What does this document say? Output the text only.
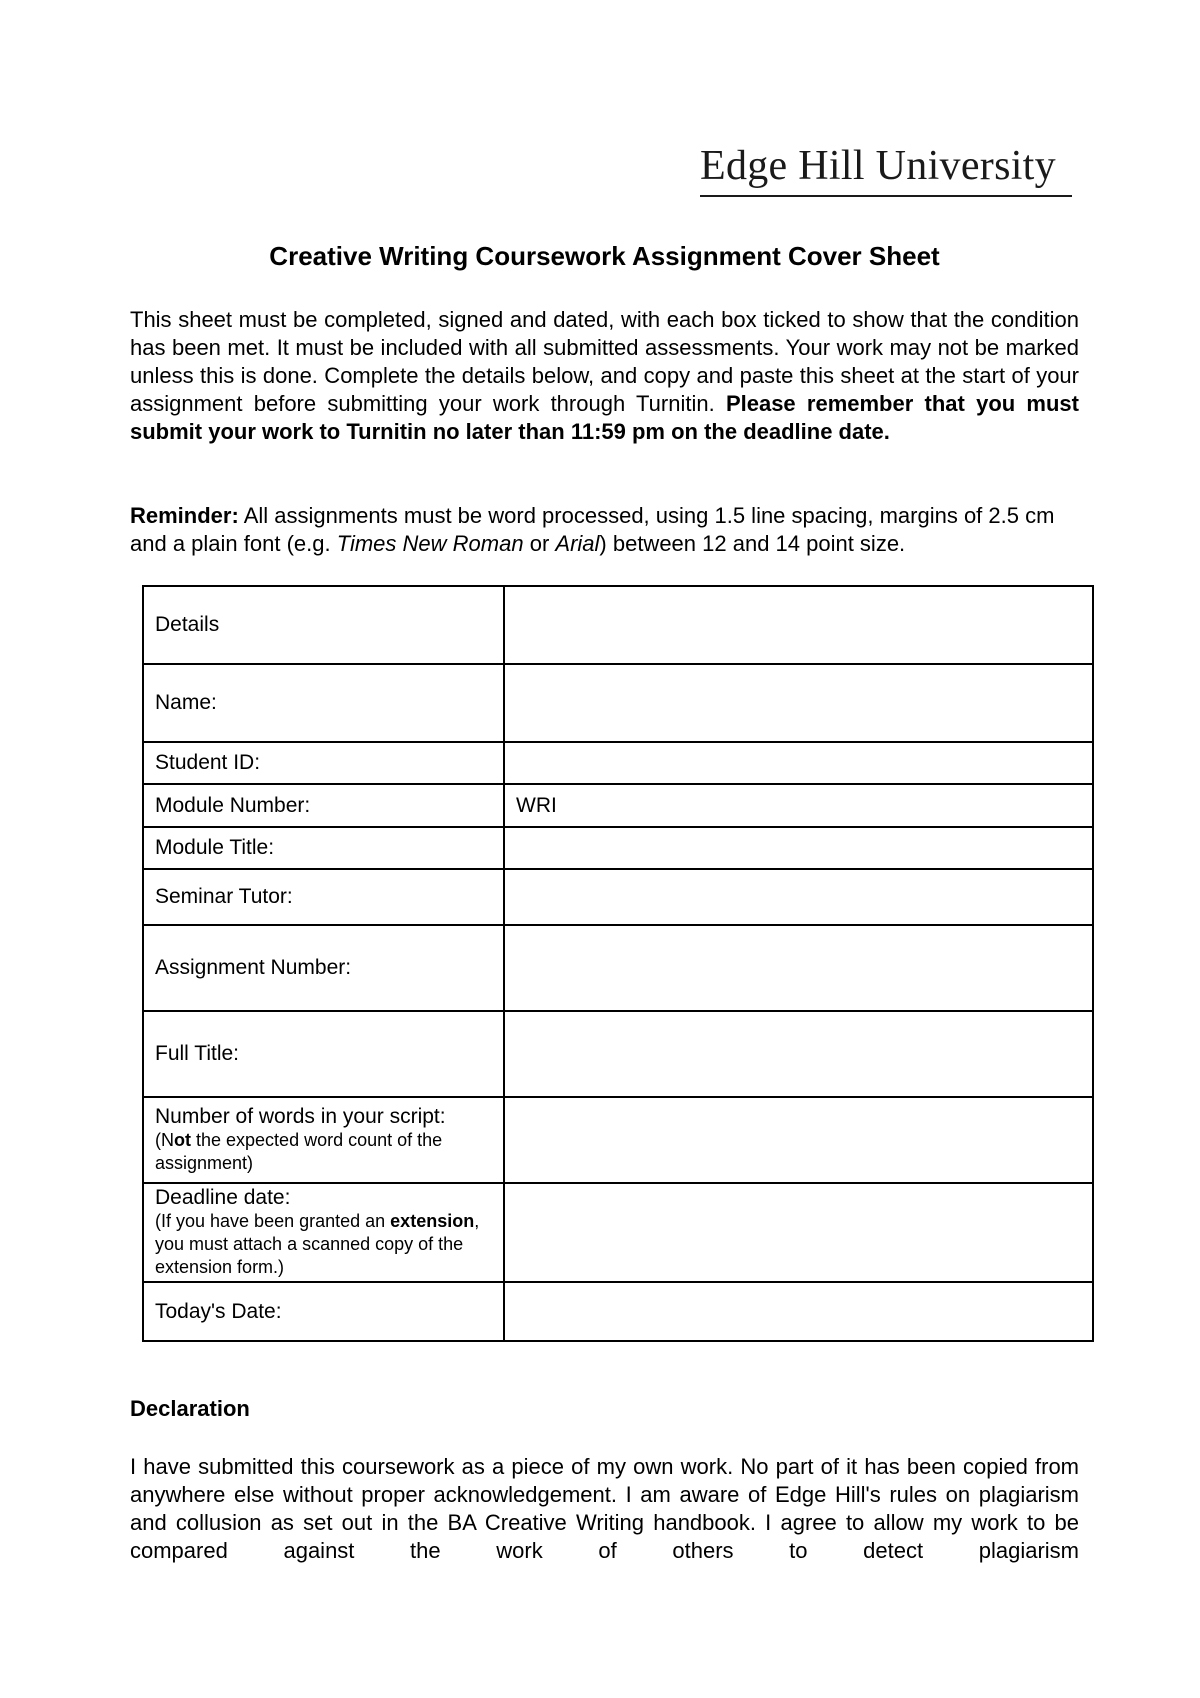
Edge Hill University
Creative Writing Coursework Assignment Cover Sheet
This sheet must be completed, signed and dated, with each box ticked to show that the condition has been met. It must be included with all submitted assessments. Your work may not be marked unless this is done. Complete the details below, and copy and paste this sheet at the start of your assignment before submitting your work through Turnitin. Please remember that you must submit your work to Turnitin no later than 11:59 pm on the deadline date.
Reminder: All assignments must be word processed, using 1.5 line spacing, margins of 2.5 cm and a plain font (e.g. Times New Roman or Arial) between 12 and 14 point size.
Details	
Name:	
Student ID:	
Module Number:	WRI
Module Title:	
Seminar Tutor:	
Assignment Number:	
Full Title:	

Number of words in your script:
(Not the expected word count of the assignment)	

Deadline date:
(If you have been granted an extension, you must attach a scanned copy of the extension form.)	

Today's Date:	
Declaration
I have submitted this coursework as a piece of my own work. No part of it has been copied from anywhere else without proper acknowledgement. I am aware of Edge Hill's rules on plagiarism and collusion as set out in the BA Creative Writing handbook. I agree to allow my work to be compared against the work of others to detect plagiarism
